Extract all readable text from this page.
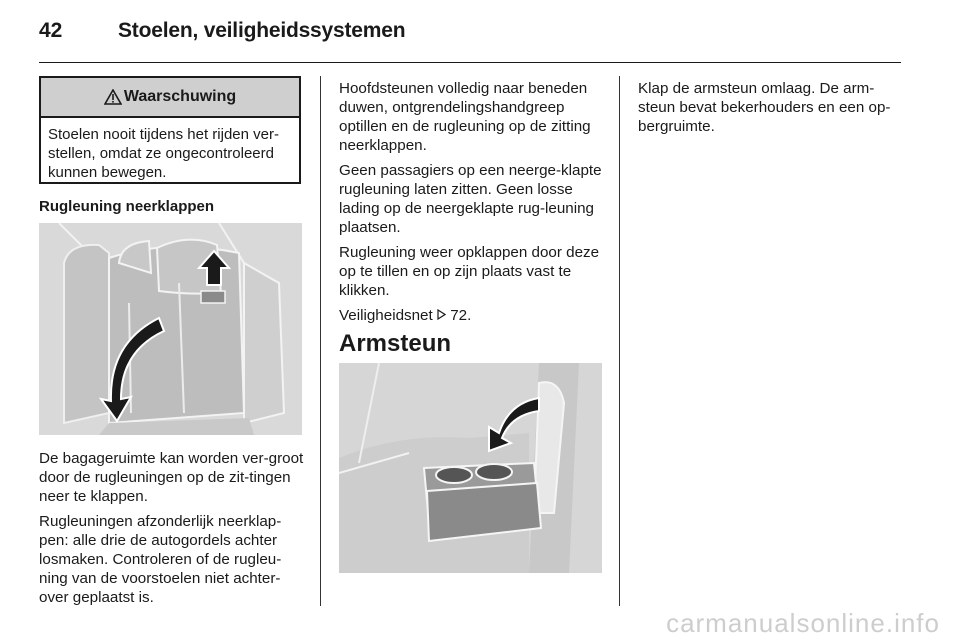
42	Stoelen, veiligheidssystemen
Waarschuwing
Stoelen nooit tijdens het rijden ver-stellen, omdat ze ongecontroleerd kunnen bewegen.
Rugleuning neerklappen

De bagageruimte kan worden ver-groot door de rugleuningen op de zit-tingen neer te klappen.

Rugleuningen afzonderlijk neerklap-pen: alle drie de autogordels achter losmaken. Controleren of de rugleu-ning van de voorstoelen niet achter-over geplaatst is.

Hoofdsteunen volledig naar beneden duwen, ontgrendelingshandgreep optillen en de rugleuning op de zitting neerklappen.

Geen passagiers op een neerge-klapte rugleuning laten zitten. Geen losse lading op de neergeklapte rug-leuning plaatsen.

Rugleuning weer opklappen door deze op te tillen en op zijn plaats vast te klikken.

Veiligheidsnet 72.

Armsteun

Klap de armsteun omlaag. De arm-steun bevat bekerhouders en een op-bergruimte.

carmanualsonline.info
